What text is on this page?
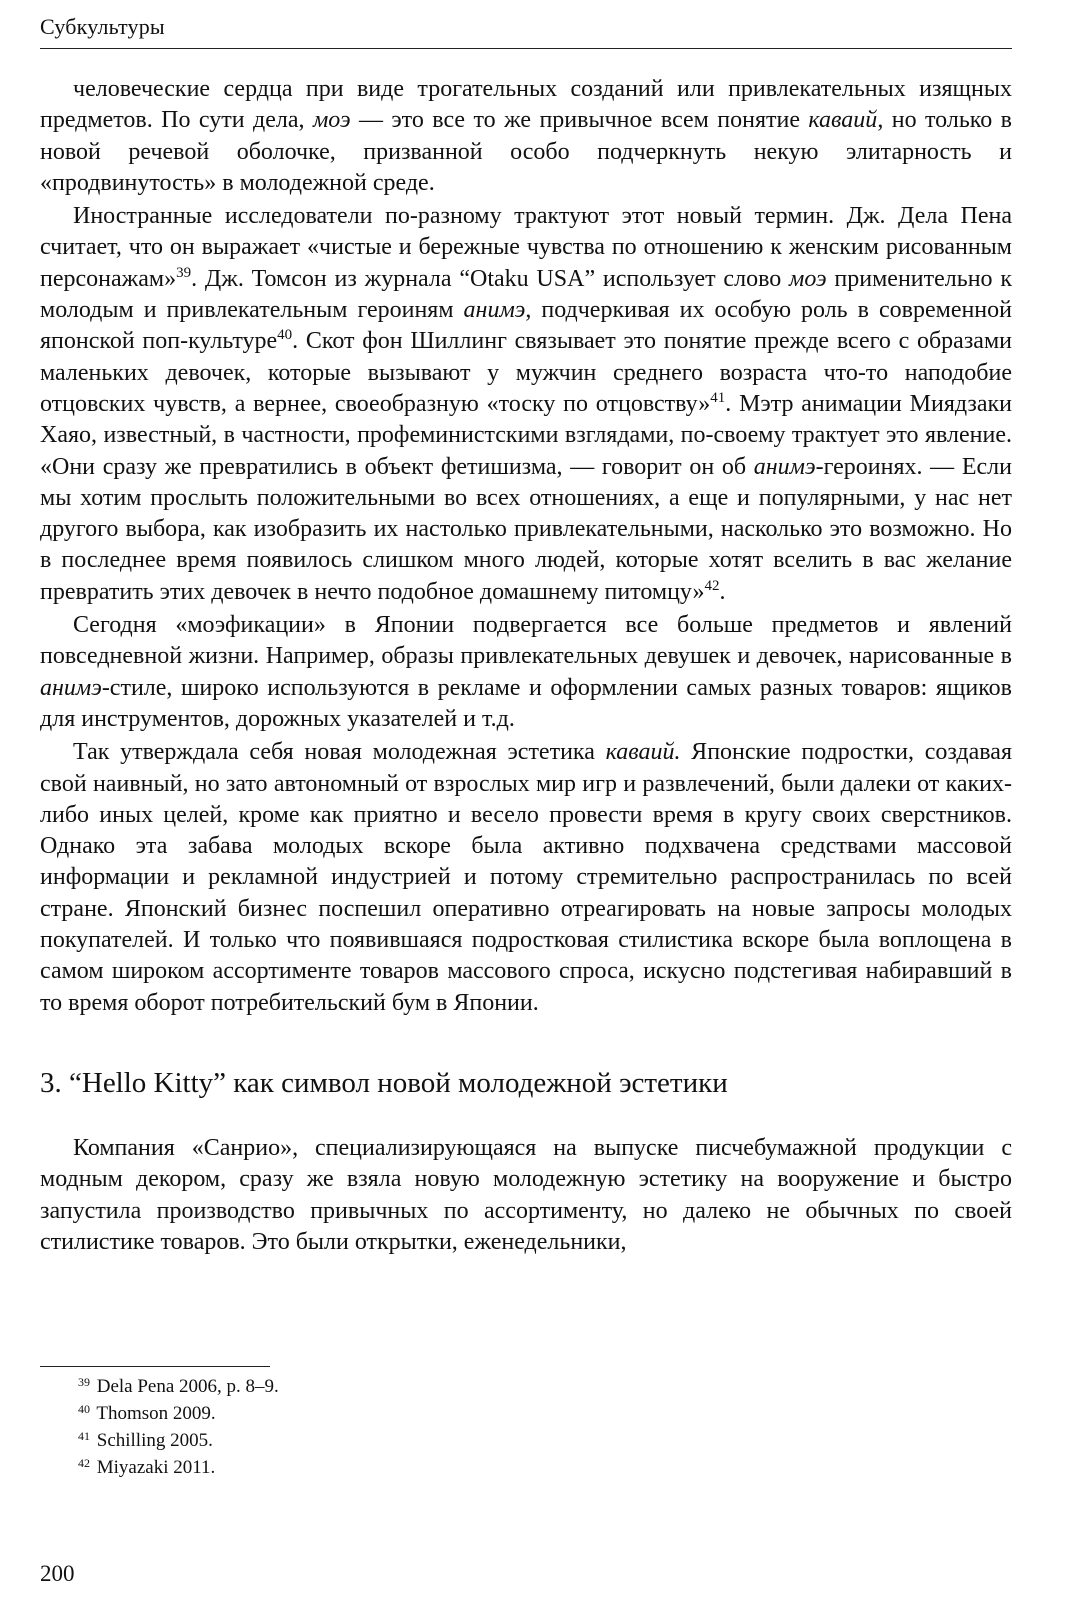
Субкультуры

человеческие сердца при виде трогательных созданий или привлекательных изящных предметов. По сути дела, моэ — это все то же привычное всем понятие каваий, но только в новой речевой оболочке, призванной особо подчеркнуть некую элитарность и «продвинутость» в молодежной среде.

Иностранные исследователи по-разному трактуют этот новый термин. Дж. Дела Пена считает, что он выражает «чистые и бережные чувства по отношению к женским рисованным персонажам»$^{39}$. Дж. Томсон из журнала “Otaku USA” использует слово моэ применительно к молодым и привлекательным героиням анимэ, подчеркивая их особую роль в современной японской поп-культуре$^{40}$. Скот фон Шиллинг связывает это понятие прежде всего с образами маленьких девочек, которые вызывают у мужчин среднего возраста что-то наподобие отцовских чувств, а вернее, своеобразную «тоску по отцовству»$^{41}$. Мэтр анимации Миядзаки Хаяо, известный, в частности, профеминистскими взглядами, по-своему трактует это явление. «Они сразу же превратились в объект фетишизма, — говорит он об анимэ-героинях. — Если мы хотим прослыть положительными во всех отношениях, а еще и популярными, у нас нет другого выбора, как изобразить их настолько привлекательными, насколько это возможно. Но в последнее время появилось слишком много людей, которые хотят вселить в вас желание превратить этих девочек в нечто подобное домашнему питомцу»$^{42}$.

Сегодня «моэфикации» в Японии подвергается все больше предметов и явлений повседневной жизни. Например, образы привлекательных девушек и девочек, нарисованные в анимэ-стиле, широко используются в рекламе и оформлении самых разных товаров: ящиков для инструментов, дорожных указателей и т.д.

Так утверждала себя новая молодежная эстетика каваий. Японские подростки, создавая свой наивный, но зато автономный от взрослых мир игр и развлечений, были далеки от каких-либо иных целей, кроме как приятно и весело провести время в кругу своих сверстников. Однако эта забава молодых вскоре была активно подхвачена средствами массовой информации и рекламной индустрией и потому стремительно распространилась по всей стране. Японский бизнес поспешил оперативно отреагировать на новые запросы молодых покупателей. И только что появившаяся подростковая стилистика вскоре была воплощена в самом широком ассортименте товаров массового спроса, искусно подстегивая набиравший в то время оборот потребительский бум в Японии.

3. “Hello Kitty” как символ новой молодежной эстетики

Компания «Санрио», специализирующаяся на выпуске писчебумажной продукции с модным декором, сразу же взяла новую молодежную эстетику на вооружение и быстро запустила производство привычных по ассортименту, но далеко не обычных по своей стилистике товаров. Это были открытки, еженедельники,

$^{39}$ Dela Pena 2006, p. 8–9.
$^{40}$ Thomson 2009.
$^{41}$ Schilling 2005.
$^{42}$ Miyazaki 2011.
200
